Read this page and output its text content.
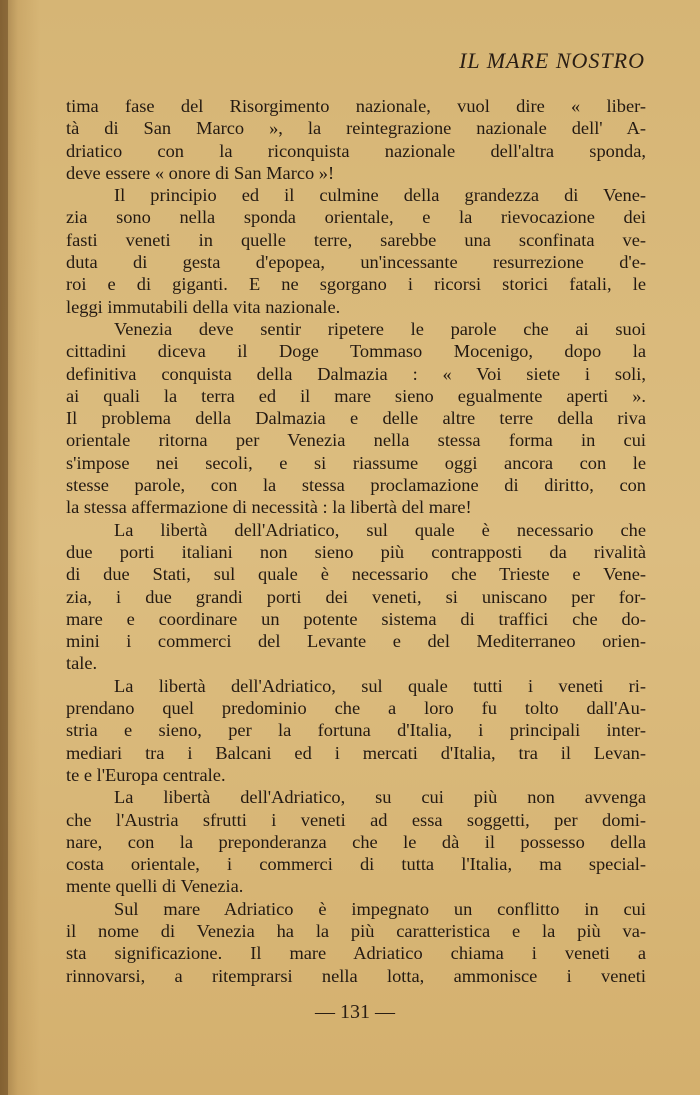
IL MARE NOSTRO
tima fase del Risorgimento nazionale, vuol dire « liber-
tà di San Marco », la reintegrazione nazionale dell' A-
driatico con la riconquista nazionale dell'altra sponda,
deve essere « onore di San Marco »!
Il principio ed il culmine della grandezza di Vene-
zia sono nella sponda orientale, e la rievocazione dei
fasti veneti in quelle terre, sarebbe una sconfinata ve-
duta di gesta d'epopea, un'incessante resurrezione d'e-
roi e di giganti. E ne sgorgano i ricorsi storici fatali, le
leggi immutabili della vita nazionale.
Venezia deve sentir ripetere le parole che ai suoi
cittadini diceva il Doge Tommaso Mocenigo, dopo la
definitiva conquista della Dalmazia : « Voi siete i soli,
ai quali la terra ed il mare sieno egualmente aperti ».
Il problema della Dalmazia e delle altre terre della riva
orientale ritorna per Venezia nella stessa forma in cui
s'impose nei secoli, e si riassume oggi ancora con le
stesse parole, con la stessa proclamazione di diritto, con
la stessa affermazione di necessità : la libertà del mare!
La libertà dell'Adriatico, sul quale è necessario che
due porti italiani non sieno più contrapposti da rivalità
di due Stati, sul quale è necessario che Trieste e Vene-
zia, i due grandi porti dei veneti, si uniscano per for-
mare e coordinare un potente sistema di traffici che do-
mini i commerci del Levante e del Mediterraneo orien-
tale.
La libertà dell'Adriatico, sul quale tutti i veneti ri-
prendano quel predominio che a loro fu tolto dall'Au-
stria e sieno, per la fortuna d'Italia, i principali inter-
mediari tra i Balcani ed i mercati d'Italia, tra il Levan-
te e l'Europa centrale.
La libertà dell'Adriatico, su cui più non avvenga
che l'Austria sfrutti i veneti ad essa soggetti, per domi-
nare, con la preponderanza che le dà il possesso della
costa orientale, i commerci di tutta l'Italia, ma special-
mente quelli di Venezia.
Sul mare Adriatico è impegnato un conflitto in cui
il nome di Venezia ha la più caratteristica e la più va-
sta significazione. Il mare Adriatico chiama i veneti a
rinnovarsi, a ritemprarsi nella lotta, ammonisce i veneti
— 131 —
